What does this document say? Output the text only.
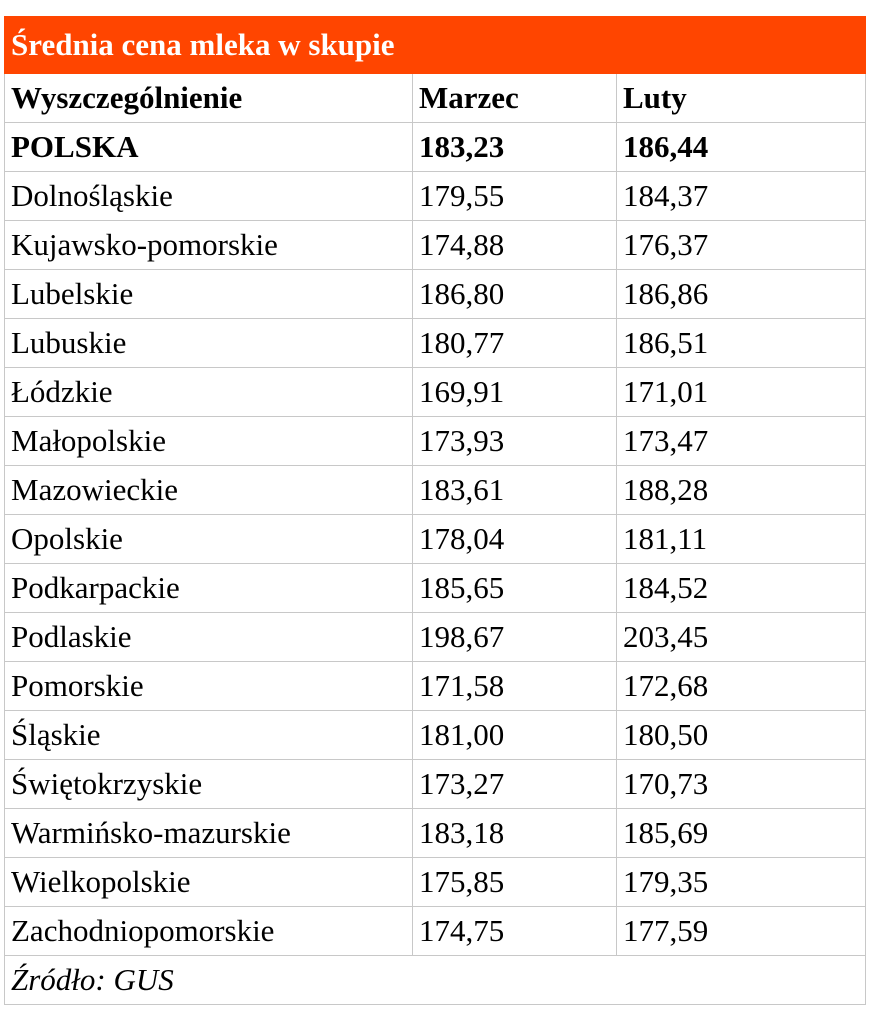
Średnia cena mleka w skupie		
Wyszczególnienie	Marzec	Luty
POLSKA	183,23	186,44
Dolnośląskie	179,55	184,37
Kujawsko-pomorskie	174,88	176,37
Lubelskie	186,80	186,86
Lubuskie	180,77	186,51
Łódzkie	169,91	171,01
Małopolskie	173,93	173,47
Mazowieckie	183,61	188,28
Opolskie	178,04	181,11
Podkarpackie	185,65	184,52
Podlaskie	198,67	203,45
Pomorskie	171,58	172,68
Śląskie	181,00	180,50
Świętokrzyskie	173,27	170,73
Warmińsko-mazurskie	183,18	185,69
Wielkopolskie	175,85	179,35
Zachodniopomorskie	174,75	177,59
Źródło: GUS		
